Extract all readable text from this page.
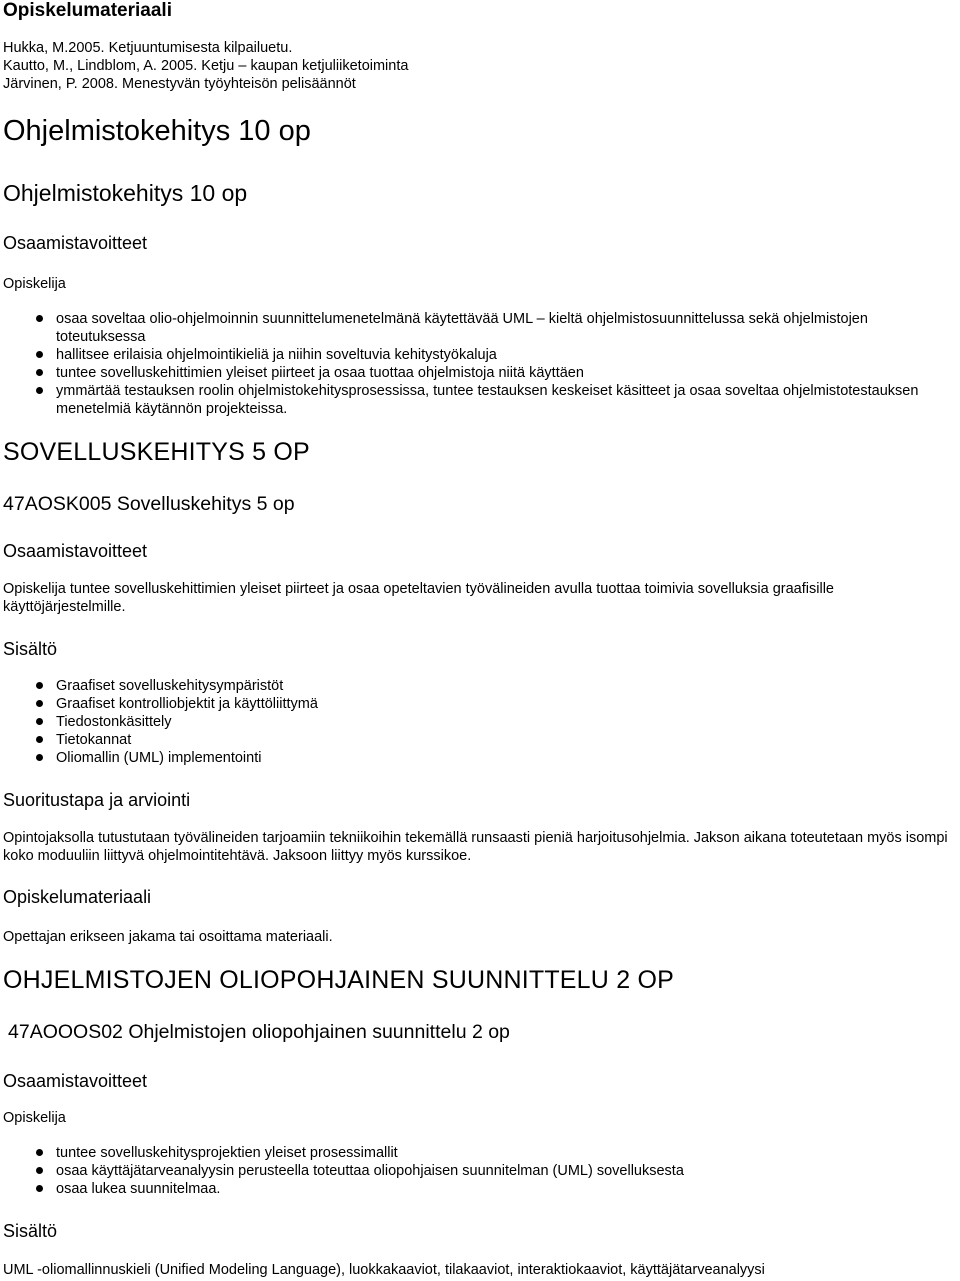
Opiskelumateriaali
Hukka, M.2005. Ketjuuntumisesta kilpailuetu.
Kautto, M., Lindblom, A. 2005. Ketju – kaupan ketjuliiketoiminta
Järvinen, P. 2008. Menestyvän työyhteisön pelisäännöt
Ohjelmistokehitys 10 op
Ohjelmistokehitys 10 op
Osaamistavoitteet
Opiskelija
osaa soveltaa olio-ohjelmoinnin suunnittelumenetelmänä käytettävää UML – kieltä ohjelmistosuunnittelussa sekä ohjelmistojen toteutuksessa
hallitsee erilaisia ohjelmointikieliä ja niihin soveltuvia kehitystyökaluja
tuntee sovelluskehittimien yleiset piirteet ja osaa tuottaa ohjelmistoja niitä käyttäen
ymmärtää testauksen roolin ohjelmistokehitysprosessissa, tuntee testauksen keskeiset käsitteet ja osaa soveltaa ohjelmistotestauksen menetelmiä käytännön projekteissa.
SOVELLUSKEHITYS 5 OP
47AOSK005 Sovelluskehitys 5 op
Osaamistavoitteet
Opiskelija tuntee sovelluskehittimien yleiset piirteet ja osaa opeteltavien työvälineiden avulla tuottaa toimivia sovelluksia graafisille käyttöjärjestelmille.
Sisältö
Graafiset sovelluskehitysympäristöt
Graafiset kontrolliobjektit ja käyttöliittymä
Tiedostonkäsittely
Tietokannat
Oliomallin (UML) implementointi
Suoritustapa ja arviointi
Opintojaksolla tutustutaan työvälineiden tarjoamiin tekniikoihin tekemällä runsaasti pieniä harjoitusohjelmia. Jakson aikana toteutetaan myös isompi koko moduuliin liittyvä ohjelmointitehtävä. Jaksoon liittyy myös kurssikoe.
Opiskelumateriaali
Opettajan erikseen jakama tai osoittama materiaali.
OHJELMISTOJEN OLIOPOHJAINEN SUUNNITTELU 2 OP
47AOOOS02 Ohjelmistojen oliopohjainen suunnittelu 2 op
Osaamistavoitteet
Opiskelija
tuntee sovelluskehitysprojektien yleiset prosessimallit
osaa käyttäjätarveanalyysin perusteella toteuttaa oliopohjaisen suunnitelman (UML) sovelluksesta
osaa lukea suunnitelmaa.
Sisältö
UML -oliomallinnuskieli (Unified Modeling Language), luokkakaaviot, tilakaaviot, interaktiokaaviot, käyttäjätarveanalyysi
